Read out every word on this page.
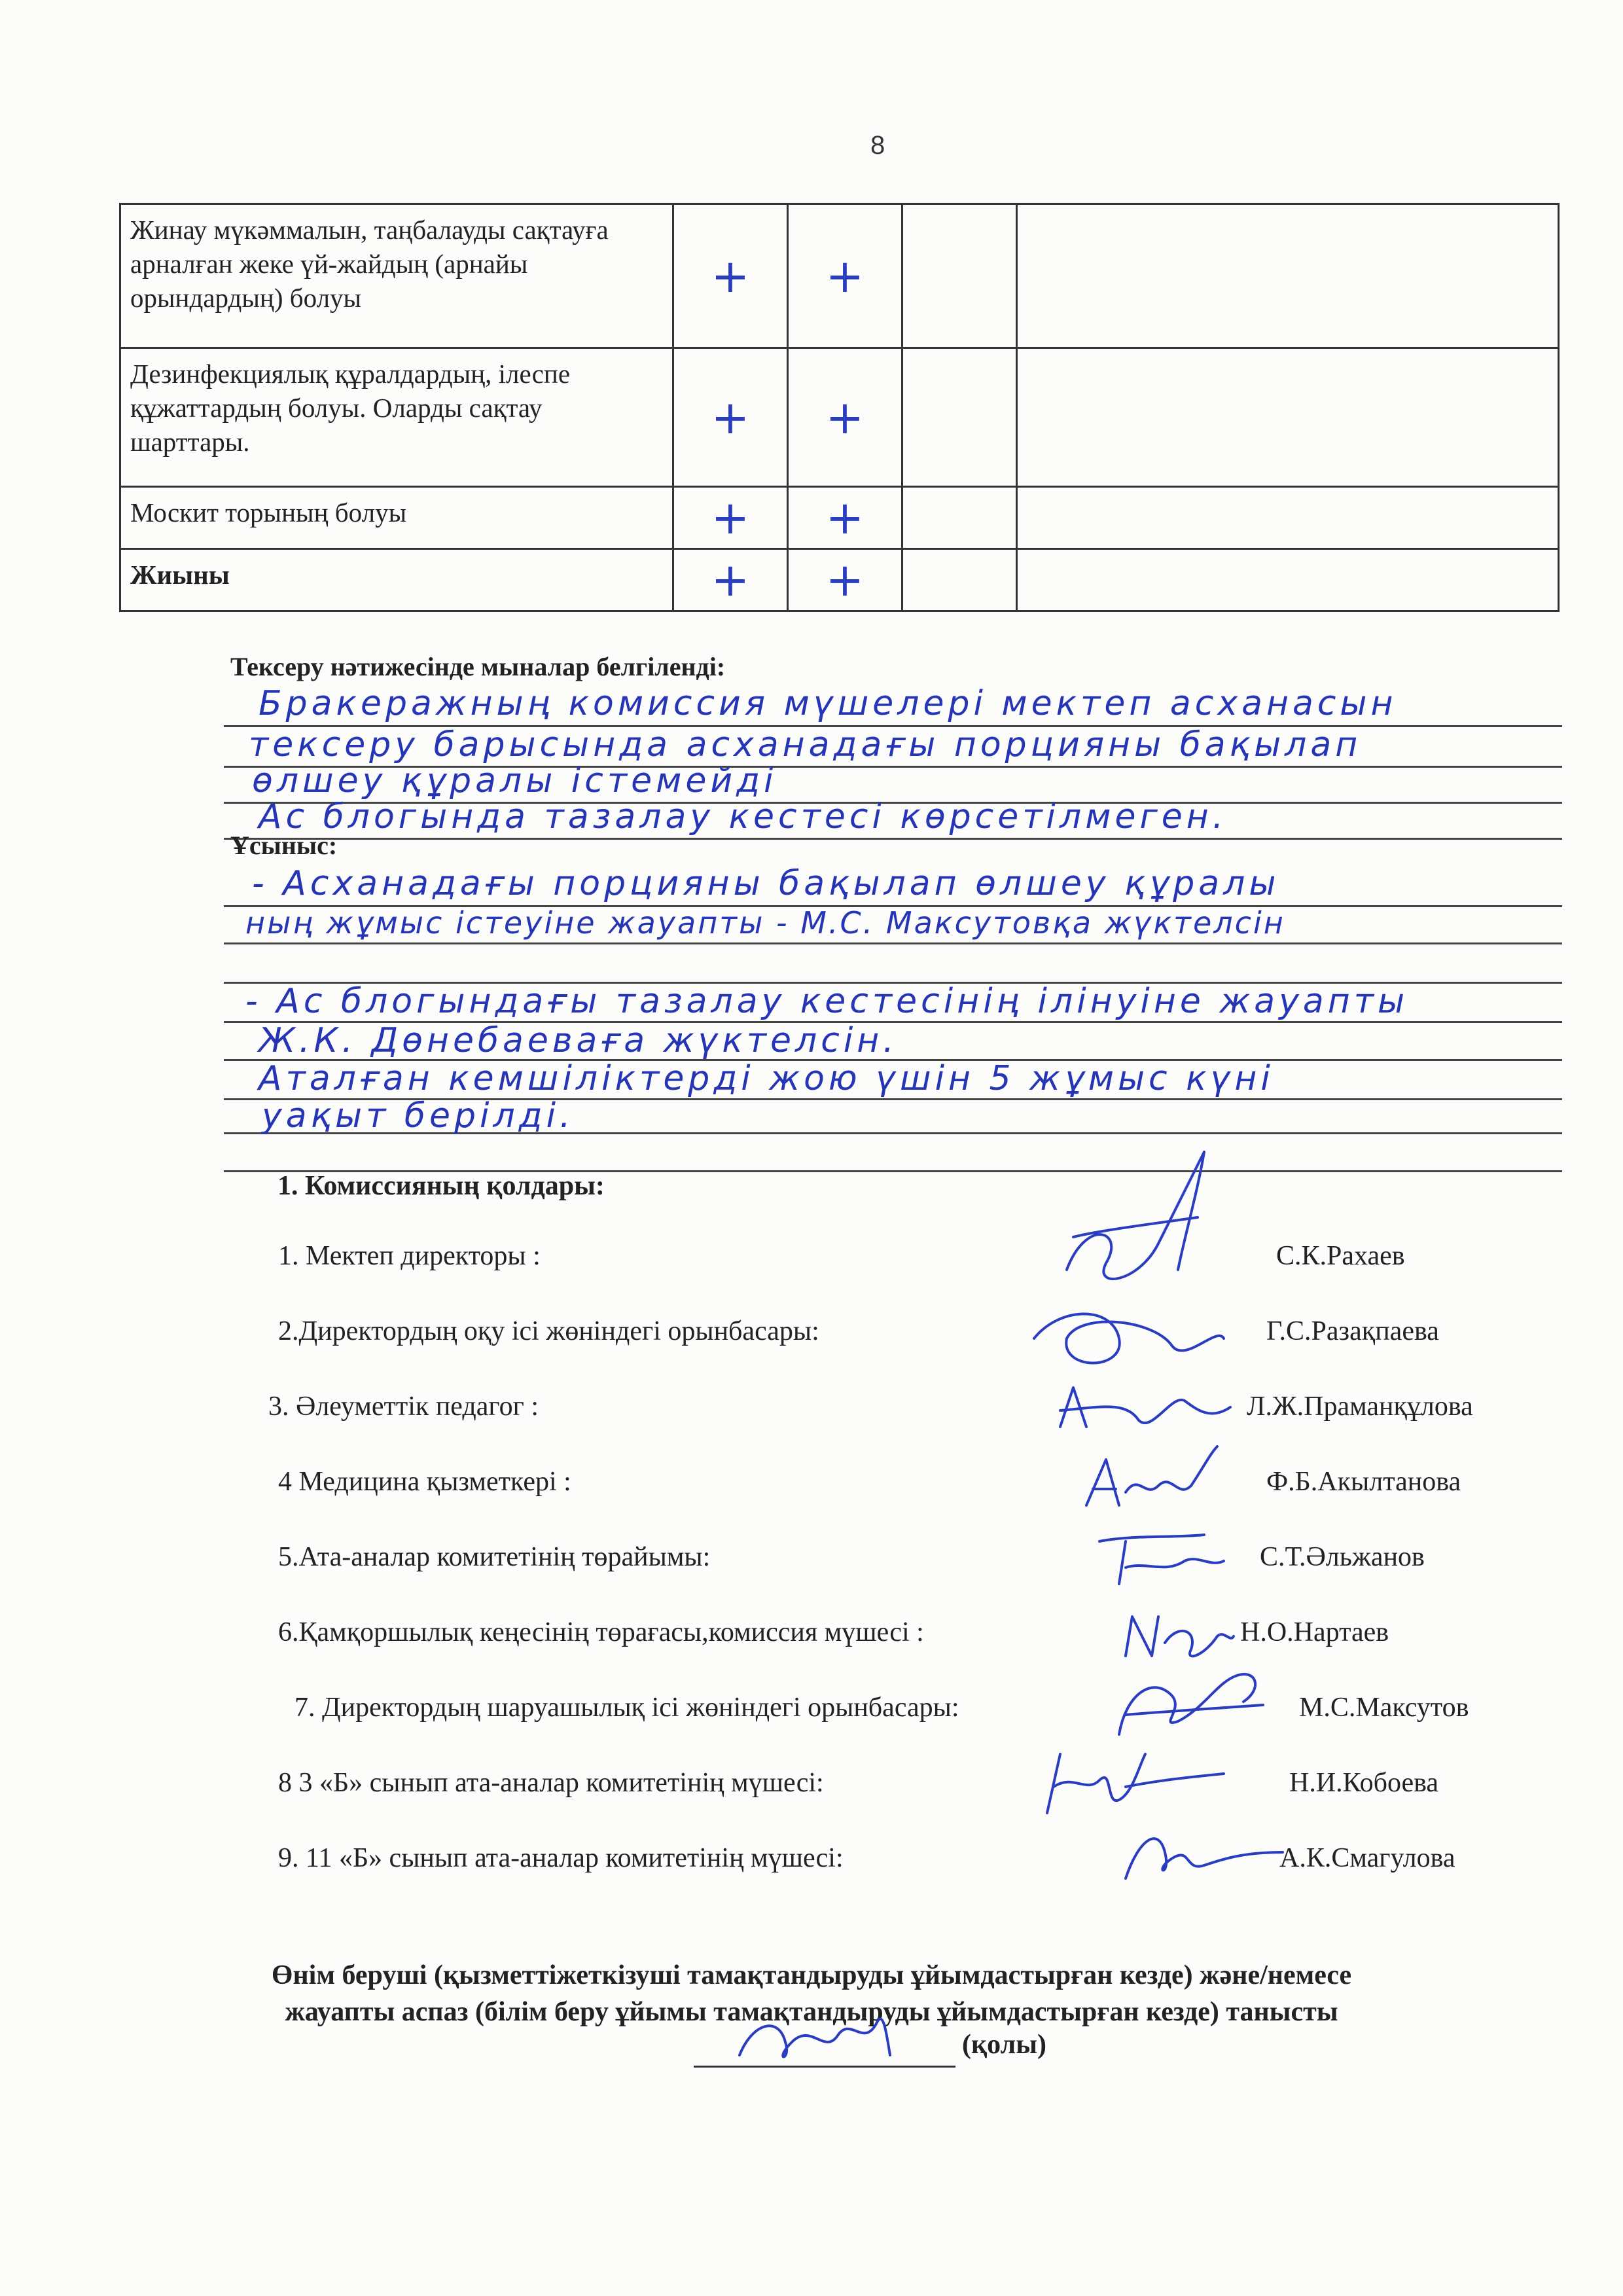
8
Жинау мүкәммалын, таңбалауды сақтауға арналған жеке үй-жайдың (арнайы орындардың) болуы	+	+		
Дезинфекциялық құралдардың, ілеспе құжаттардың болуы. Оларды сақтау шарттары.	+	+		
Москит торының болуы	+	+		
Жиыны	+	+		
Тексеру нәтижесінде мыналар белгіленді:
Бракеражның комиссия мүшелері мектеп асханасын
тексеру барысында асханадағы порцияны бақылап
өлшеу құралы істемейді
Ас блогында тазалау кестесі көрсетілмеген.
Ұсыныс:
- Асханадағы порцияны бақылап өлшеу құралы
ның жұмыс істеуіне жауапты - М.С. Максутовқа жүктелсін
- Ас блогындағы тазалау кестесінің ілінуіне жауапты
Ж.К. Дөнебаеваға жүктелсін.
Аталған кемшіліктерді жою үшін 5 жұмыс күні
уақыт берілді.
1. Комиссияның қолдары:
1. Мектеп директоры :	С.К.Рахаев
2.Директордың оқу ісі жөніндегі орынбасары:	Г.С.Разақпаева
3. Әлеуметтік педагог :	Л.Ж.Праманқұлова
4 Медицина қызметкері :	Ф.Б.Акылтанова
5.Ата-аналар комитетінің төрайымы:	С.Т.Әльжанов
6.Қамқоршылық кеңесінің төрағасы,комиссия мүшесі :	Н.О.Нартаев
7. Директордың шаруашылық ісі жөніндегі орынбасары:	М.С.Максутов
8 3 «Б» сынып ата-аналар комитетінің мүшесі:	Н.И.Кобоева
9. 11 «Б» сынып ата-аналар комитетінің мүшесі:	А.К.Смагулова
Өнім беруші (қызметтіжеткізуші тамақтандыруды ұйымдастырған кезде) және/немесе
жауапты аспаз (білім беру ұйымы тамақтандыруды ұйымдастырған кезде) танысты
(қолы)
